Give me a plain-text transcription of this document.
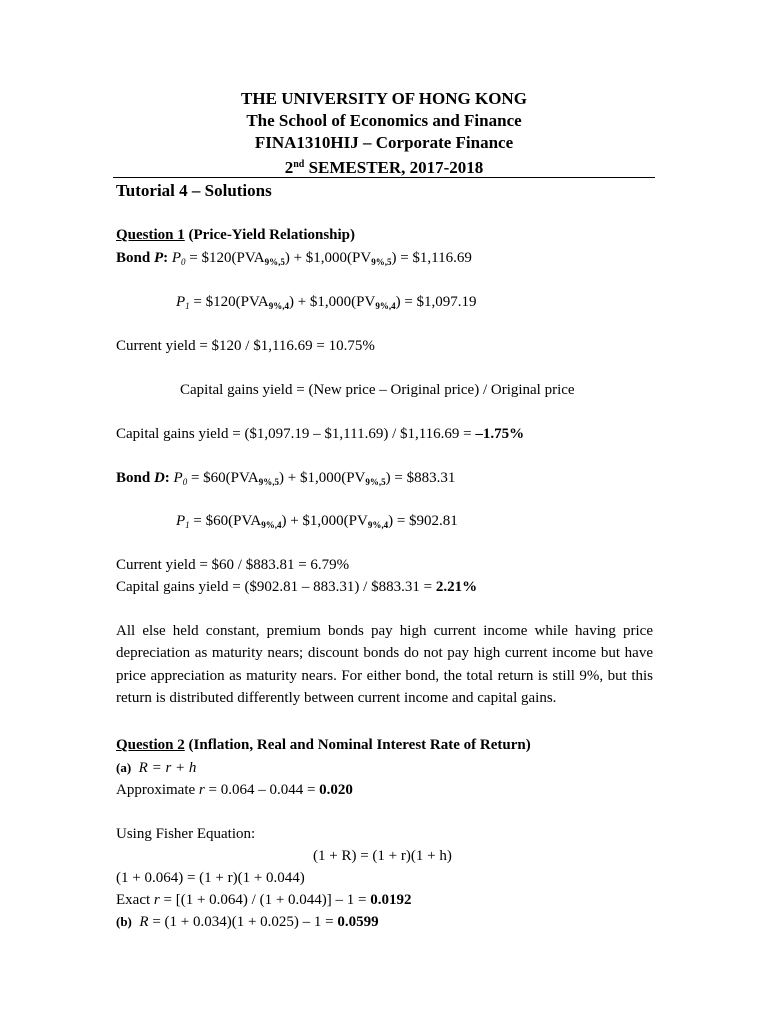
THE UNIVERSITY OF HONG KONG
The School of Economics and Finance
FINA1310HIJ – Corporate Finance
2nd SEMESTER, 2017-2018
Tutorial 4 – Solutions
Question 1 (Price-Yield Relationship)
Bond P: $P_0$ = $\$120(PVA_{9\%,5})$ + $\$1,000(PV_{9\%,5})$ = $1,116.69
$P_1$ = $\$120(PVA_{9\%,4})$ + $\$1,000(PV_{9\%,4})$ = $1,097.19
Current yield = $120 / $1,116.69 = 10.75%
Capital gains yield = (New price – Original price) / Original price
Capital gains yield = ($1,097.19 – $1,111.69) / $1,116.69 = –1.75%
Bond D: $P_0$ = $\$60(PVA_{9\%,5})$ + $\$1,000(PV_{9\%,5})$ = $883.31
$P_1$ = $\$60(PVA_{9\%,4})$ + $\$1,000(PV_{9\%,4})$ = $902.81
Current yield = $60 / $883.81 = 6.79%
Capital gains yield = ($902.81 – 883.31) / $883.31 = 2.21%
All else held constant, premium bonds pay high current income while having price depreciation as maturity nears; discount bonds do not pay high current income but have price appreciation as maturity nears. For either bond, the total return is still 9%, but this return is distributed differently between current income and capital gains.
Question 2 (Inflation, Real and Nominal Interest Rate of Return)
(a) R = r + h
Approximate r = 0.064 – 0.044 = 0.020
Using Fisher Equation:
(1 + R) = (1 + r)(1 + h)
(1 + 0.064) = (1 + r)(1 + 0.044)
Exact r = [(1 + 0.064) / (1 + 0.044)] – 1 = 0.0192
(b) R = (1 + 0.034)(1 + 0.025) – 1 = 0.0599
